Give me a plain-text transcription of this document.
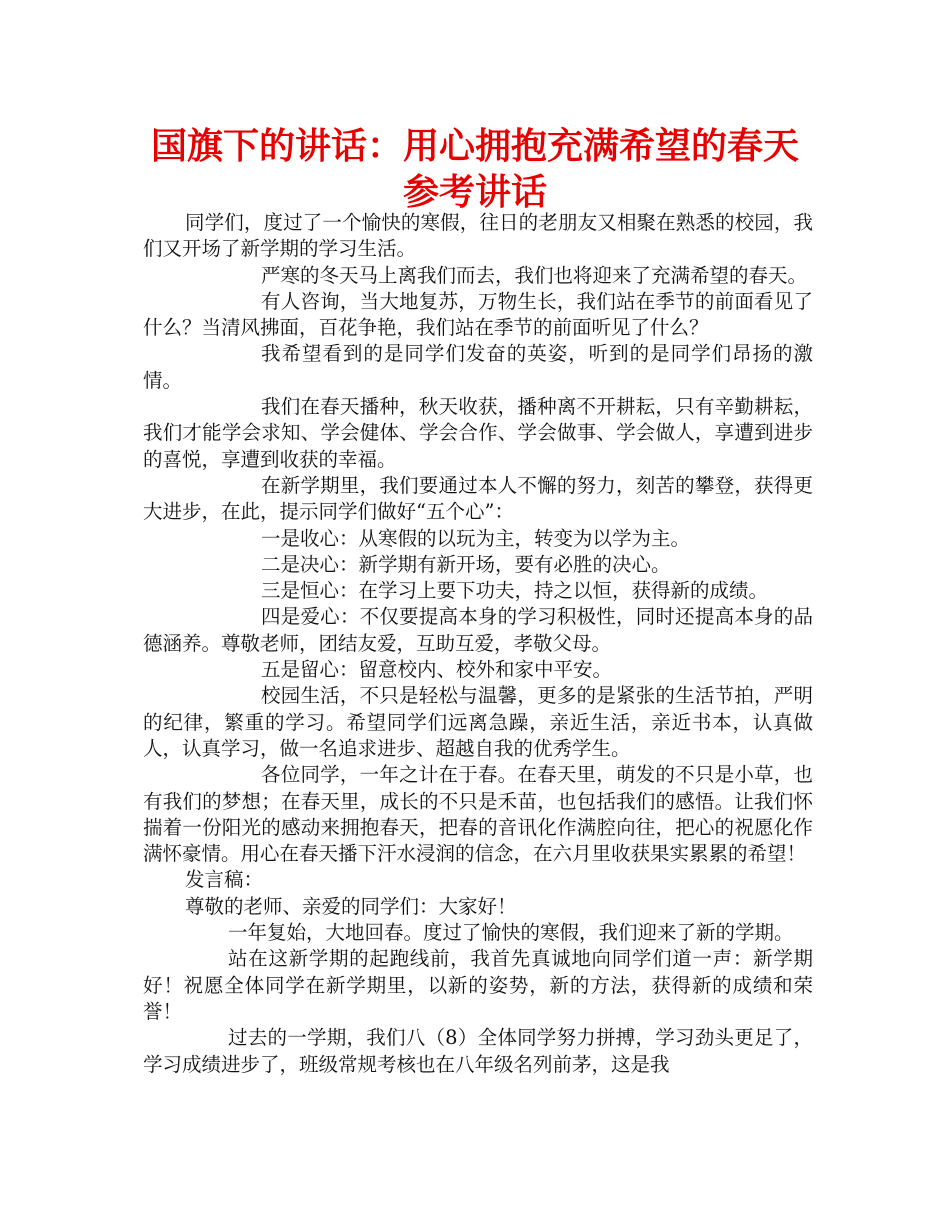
国旗下的讲话：用心拥抱充满希望的春天
参考讲话

同学们，度过了一个愉快的寒假，往日的老朋友又相聚在熟悉的校园，我们又开场了新学期的学习生活。

严寒的冬天马上离我们而去，我们也将迎来了充满希望的春天。

有人咨询，当大地复苏，万物生长，我们站在季节的前面看见了什么？当清风拂面，百花争艳，我们站在季节的前面听见了什么？

我希望看到的是同学们发奋的英姿，听到的是同学们昂扬的激情。

我们在春天播种，秋天收获，播种离不开耕耘，只有辛勤耕耘，我们才能学会求知、学会健体、学会合作、学会做事、学会做人，享遭到进步的喜悦，享遭到收获的幸福。

在新学期里，我们要通过本人不懈的努力，刻苦的攀登，获得更大进步，在此，提示同学们做好“五个心”：

一是收心：从寒假的以玩为主，转变为以学为主。

二是决心：新学期有新开场，要有必胜的决心。

三是恒心：在学习上要下功夫，持之以恒，获得新的成绩。

四是爱心：不仅要提高本身的学习积极性，同时还提高本身的品德涵养。尊敬老师，团结友爱，互助互爱，孝敬父母。

五是留心：留意校内、校外和家中平安。

校园生活，不只是轻松与温馨，更多的是紧张的生活节拍，严明的纪律，繁重的学习。希望同学们远离急躁，亲近生活，亲近书本，认真做人，认真学习，做一名追求进步、超越自我的优秀学生。

各位同学，一年之计在于春。在春天里，萌发的不只是小草，也有我们的梦想；在春天里，成长的不只是禾苗，也包括我们的感悟。让我们怀揣着一份阳光的感动来拥抱春天，把春的音讯化作满腔向往，把心的祝愿化作满怀豪情。用心在春天播下汗水浸润的信念，在六月里收获果实累累的希望！

发言稿：

尊敬的老师、亲爱的同学们：大家好！

一年复始，大地回春。度过了愉快的寒假，我们迎来了新的学期。

站在这新学期的起跑线前，我首先真诚地向同学们道一声：新学期好！祝愿全体同学在新学期里，以新的姿势，新的方法，获得新的成绩和荣誉！

过去的一学期，我们八（8）全体同学努力拼搏，学习劲头更足了，学习成绩进步了，班级常规考核也在八年级名列前茅，这是我
